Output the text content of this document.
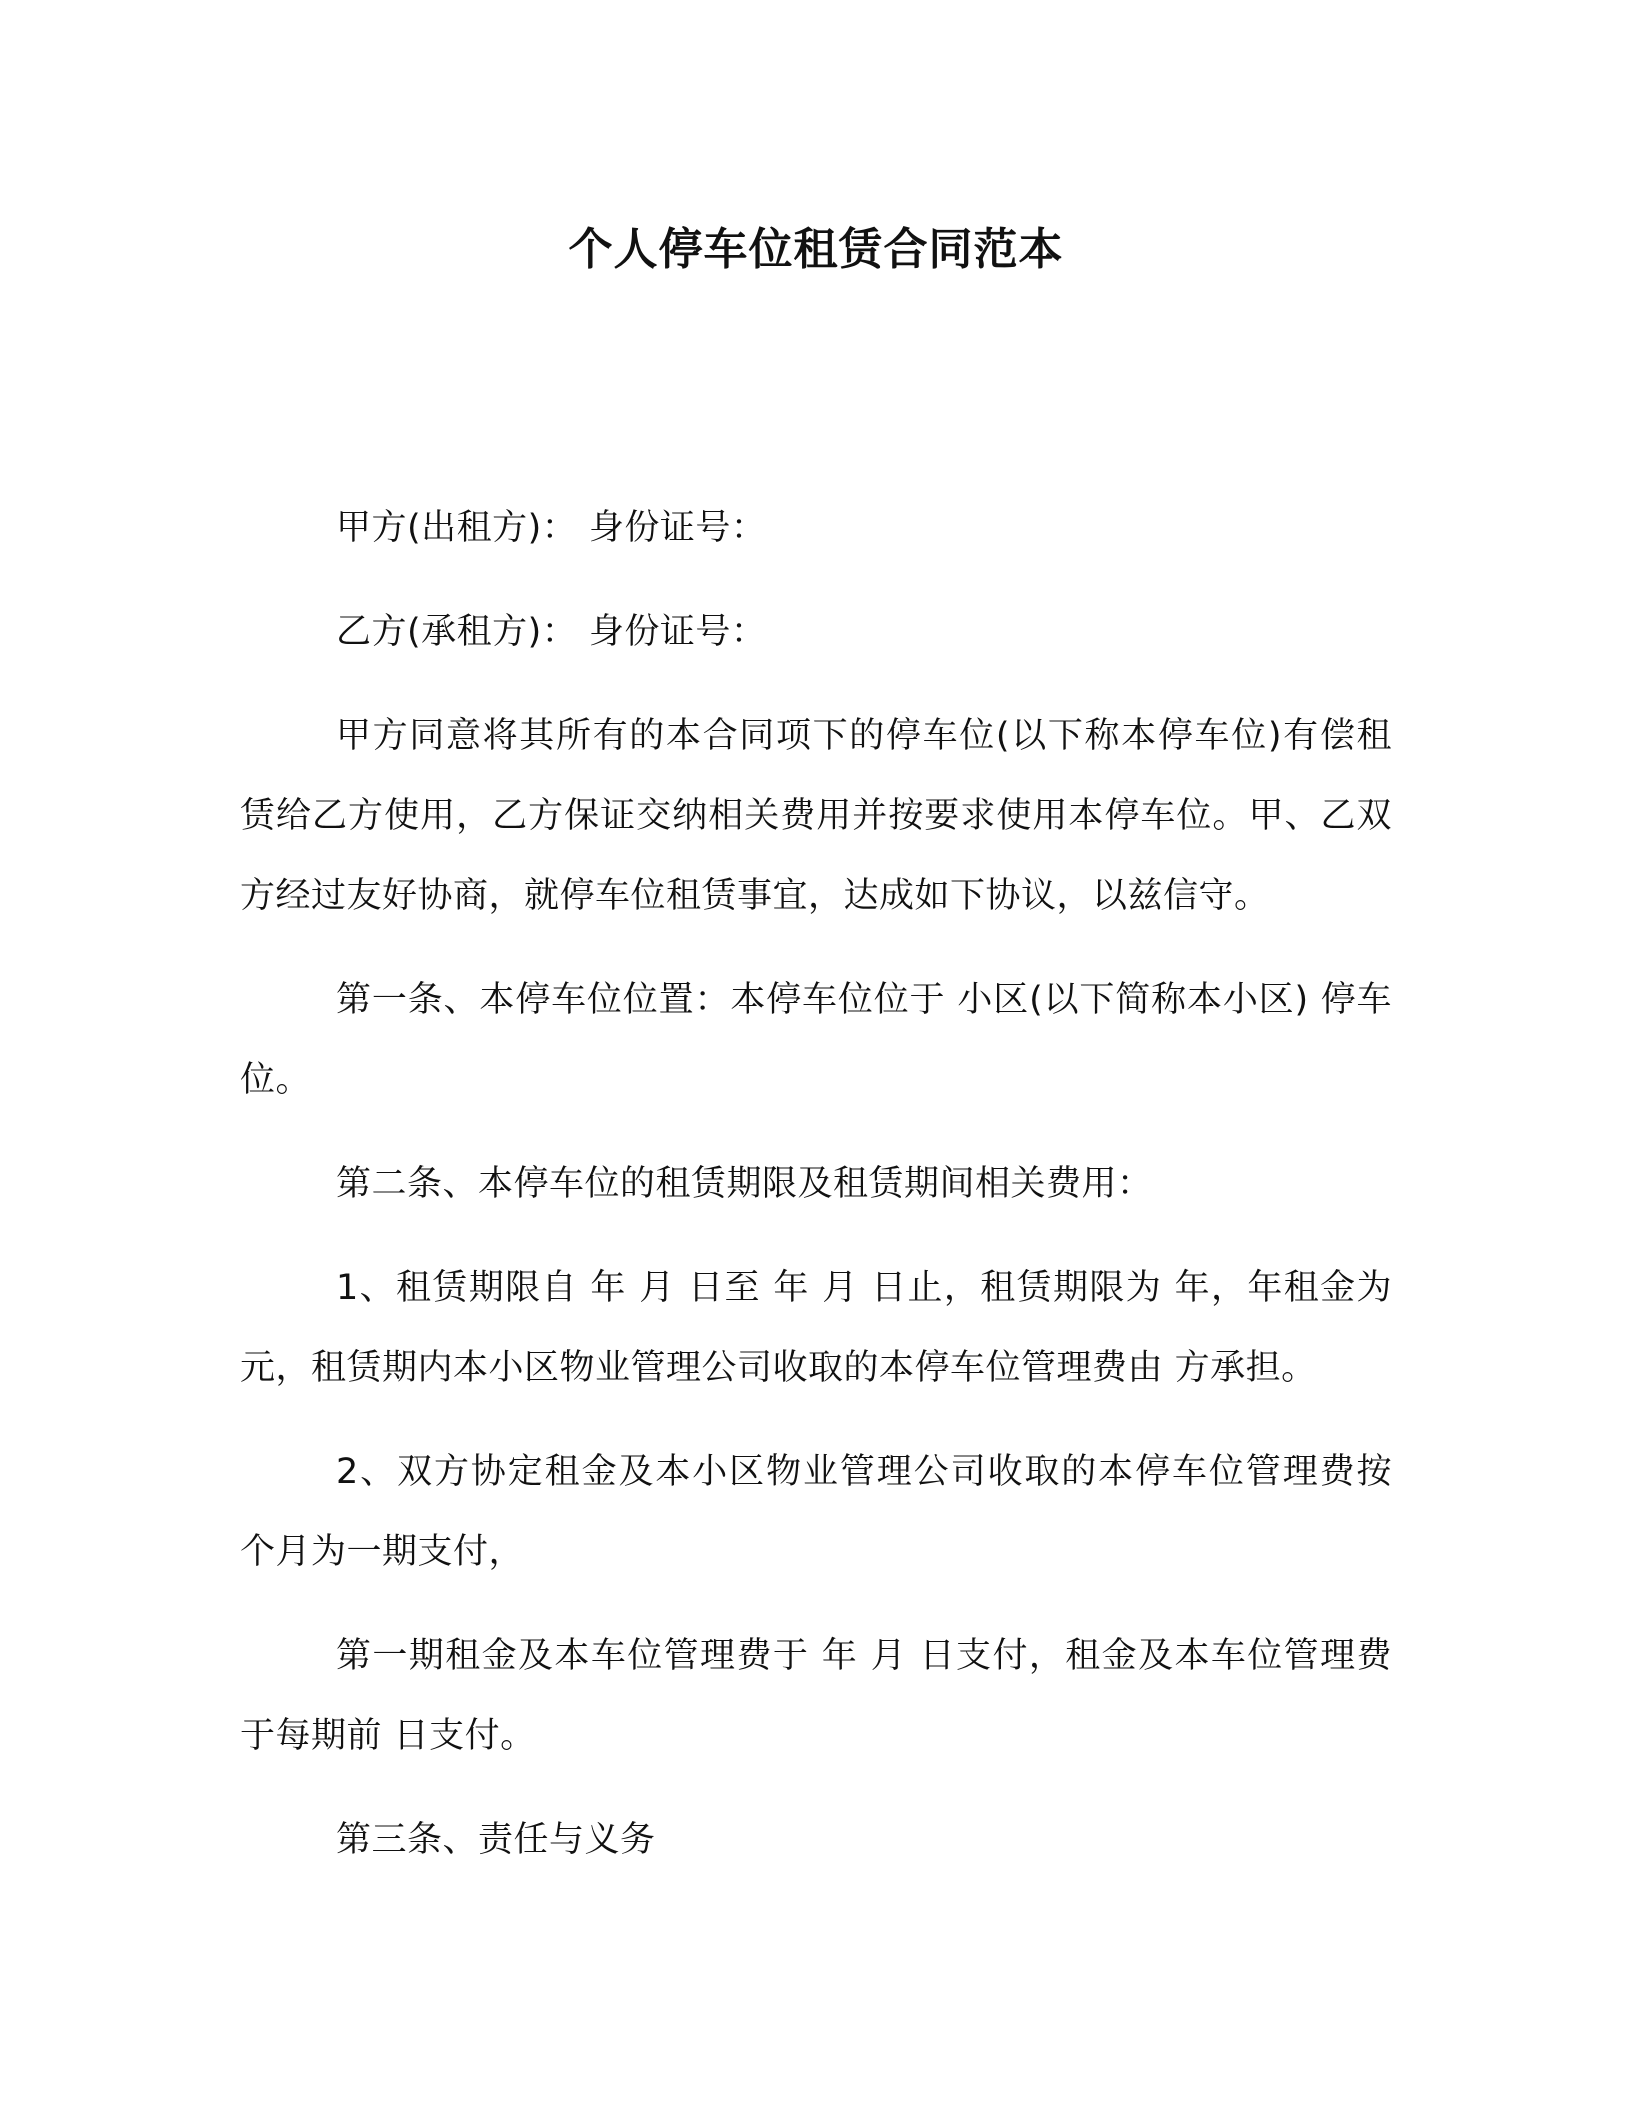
个人停车位租赁合同范本

甲方(出租方)： 身份证号：

乙方(承租方)： 身份证号：

甲方同意将其所有的本合同项下的停车位(以下称本停车位)有偿租赁给乙方使用，乙方保证交纳相关费用并按要求使用本停车位。甲、乙双方经过友好协商，就停车位租赁事宜，达成如下协议，以兹信守。

第一条、本停车位位置：本停车位位于 小区(以下简称本小区) 停车位。

第二条、本停车位的租赁期限及租赁期间相关费用：

1、租赁期限自 年 月 日至 年 月 日止，租赁期限为 年，年租金为 元，租赁期内本小区物业管理公司收取的本停车位管理费由 方承担。

2、双方协定租金及本小区物业管理公司收取的本停车位管理费按 个月为一期支付，

第一期租金及本车位管理费于 年 月 日支付，租金及本车位管理费于每期前 日支付。

第三条、责任与义务
